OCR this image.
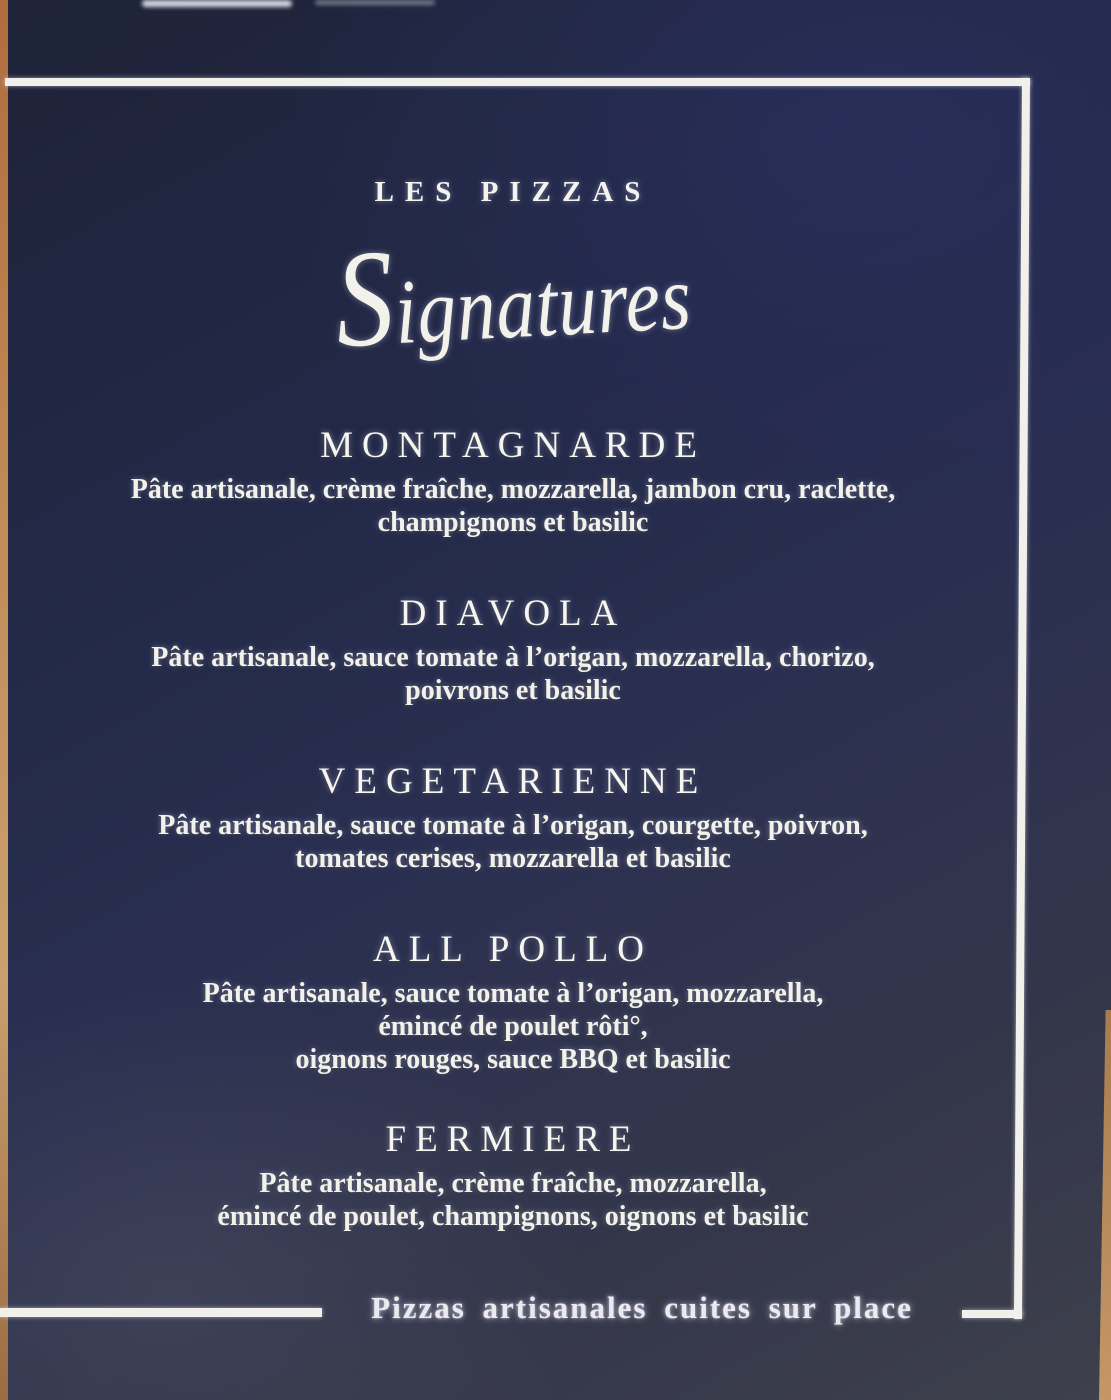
LES PIZZAS
Signatures
MONTAGNARDE

Pâte artisanale, crème fraîche, mozzarella, jambon cru, raclette,

champignons et basilic

DIAVOLA

Pâte artisanale, sauce tomate à l’origan, mozzarella, chorizo,

poivrons et basilic

VEGETARIENNE

Pâte artisanale, sauce tomate à l’origan, courgette, poivron,

tomates cerises, mozzarella et basilic

ALL POLLO

Pâte artisanale, sauce tomate à l’origan, mozzarella,

émincé de poulet rôti°,

oignons rouges, sauce BBQ et basilic

FERMIERE

Pâte artisanale, crème fraîche, mozzarella,

émincé de poulet, champignons, oignons et basilic

Pizzas artisanales cuites sur place
